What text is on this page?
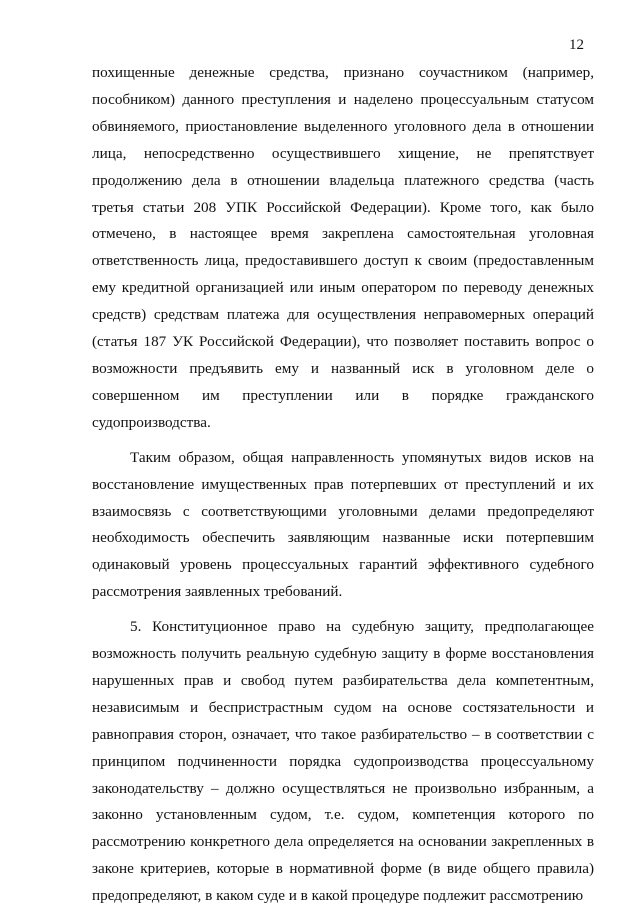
12

похищенные денежные средства, признано соучастником (например, пособником) данного преступления и наделено процессуальным статусом обвиняемого, приостановление выделенного уголовного дела в отношении лица, непосредственно осуществившего хищение, не препятствует продолжению дела в отношении владельца платежного средства (часть третья статьи 208 УПК Российской Федерации). Кроме того, как было отмечено, в настоящее время закреплена самостоятельная уголовная ответственность лица, предоставившего доступ к своим (предоставленным ему кредитной организацией или иным оператором по переводу денежных средств) средствам платежа для осуществления неправомерных операций (статья 187 УК Российской Федерации), что позволяет поставить вопрос о возможности предъявить ему и названный иск в уголовном деле о совершенном им преступлении или в порядке гражданского судопроизводства.

Таким образом, общая направленность упомянутых видов исков на восстановление имущественных прав потерпевших от преступлений и их взаимосвязь с соответствующими уголовными делами предопределяют необходимость обеспечить заявляющим названные иски потерпевшим одинаковый уровень процессуальных гарантий эффективного судебного рассмотрения заявленных требований.

5. Конституционное право на судебную защиту, предполагающее возможность получить реальную судебную защиту в форме восстановления нарушенных прав и свобод путем разбирательства дела компетентным, независимым и беспристрастным судом на основе состязательности и равноправия сторон, означает, что такое разбирательство – в соответствии с принципом подчиненности порядка судопроизводства процессуальному законодательству – должно осуществляться не произвольно избранным, а законно установленным судом, т.е. судом, компетенция которого по рассмотрению конкретного дела определяется на основании закрепленных в законе критериев, которые в нормативной форме (в виде общего правила) предопределяют, в каком суде и в какой процедуре подлежит рассмотрению
